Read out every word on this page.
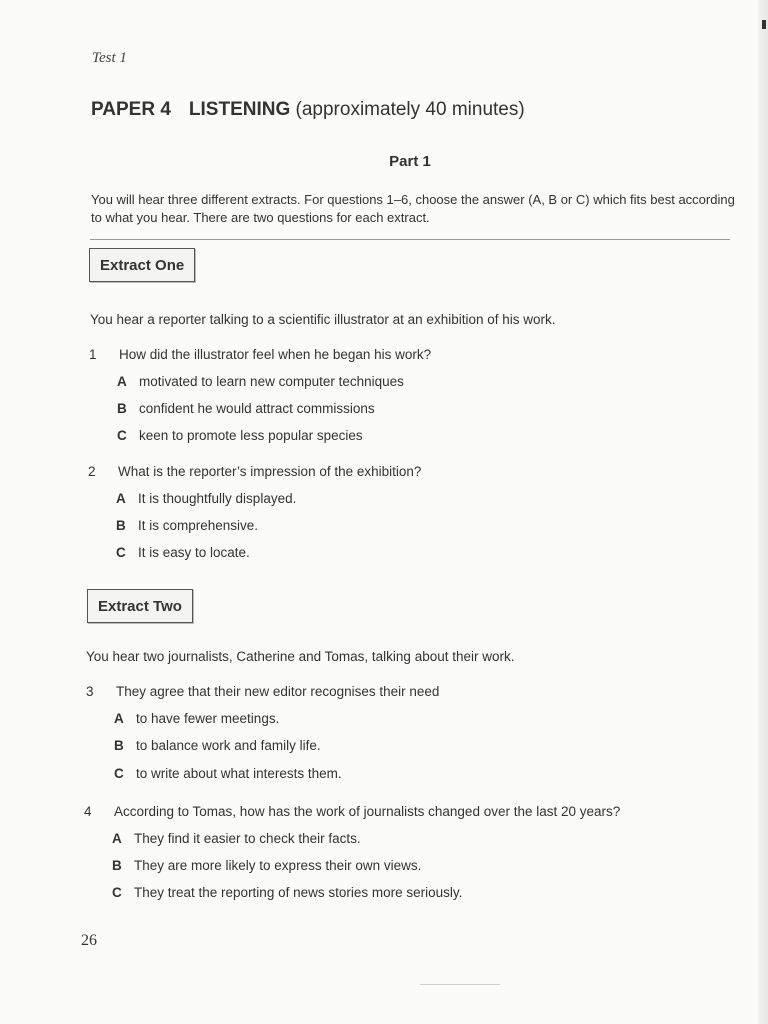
Test 1
PAPER 4 LISTENING (approximately 40 minutes)
Part 1
You will hear three different extracts. For questions 1–6, choose the answer (A, B or C) which fits best according to what you hear. There are two questions for each extract.
Extract One
You hear a reporter talking to a scientific illustrator at an exhibition of his work.
1 How did the illustrator feel when he began his work?
A motivated to learn new computer techniques
B confident he would attract commissions
C keen to promote less popular species
2 What is the reporter’s impression of the exhibition?
A It is thoughtfully displayed.
B It is comprehensive.
C It is easy to locate.
Extract Two
You hear two journalists, Catherine and Tomas, talking about their work.
3 They agree that their new editor recognises their need
A to have fewer meetings.
B to balance work and family life.
C to write about what interests them.
4 According to Tomas, how has the work of journalists changed over the last 20 years?
A They find it easier to check their facts.
B They are more likely to express their own views.
C They treat the reporting of news stories more seriously.
26
